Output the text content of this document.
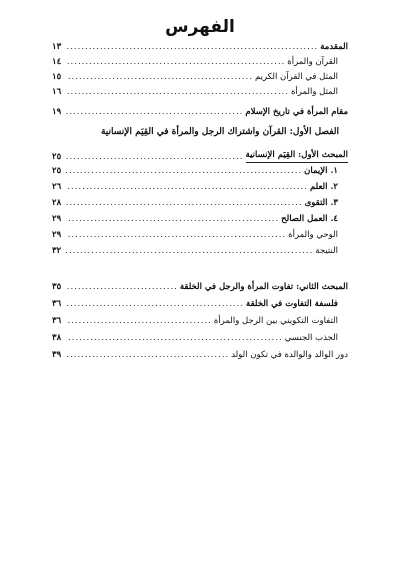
الفهرس
المقدمة
.....
١٣
القرآن والمرأة
.....
١٤
المثل في القرآن الكريم
.....
١٥
المثل والمرأة
.....
١٦
مقام المرأة في تاريخ الإسلام
.....
١٩
الفصل الأول: القرآن واشتراك الرجل والمرأة في القِيَم الإنسانية
المبحث الأول: القِيَم الإنسانية
.....
٢٥
١. الإيمان
.....
٢٥
٢. العلم
.....
٢٦
٣. التقوى
.....
٢٨
٤. العمل الصالح
.....
٢٩
الوحي والمرأة
.....
٢٩
النتيجة
.....
٣٢
المبحث الثاني: تفاوت المرأة والرجل في الخلقة
.....
٣٥
فلسفة التفاوت في الخلقة
.....
٣٦
التفاوت التكويني بين الرجل والمرأة
.....
٣٦
الجذب الجنسي
.....
٣٨
دور الوالد والوالدة في تكون الولد
.....
٣٩
